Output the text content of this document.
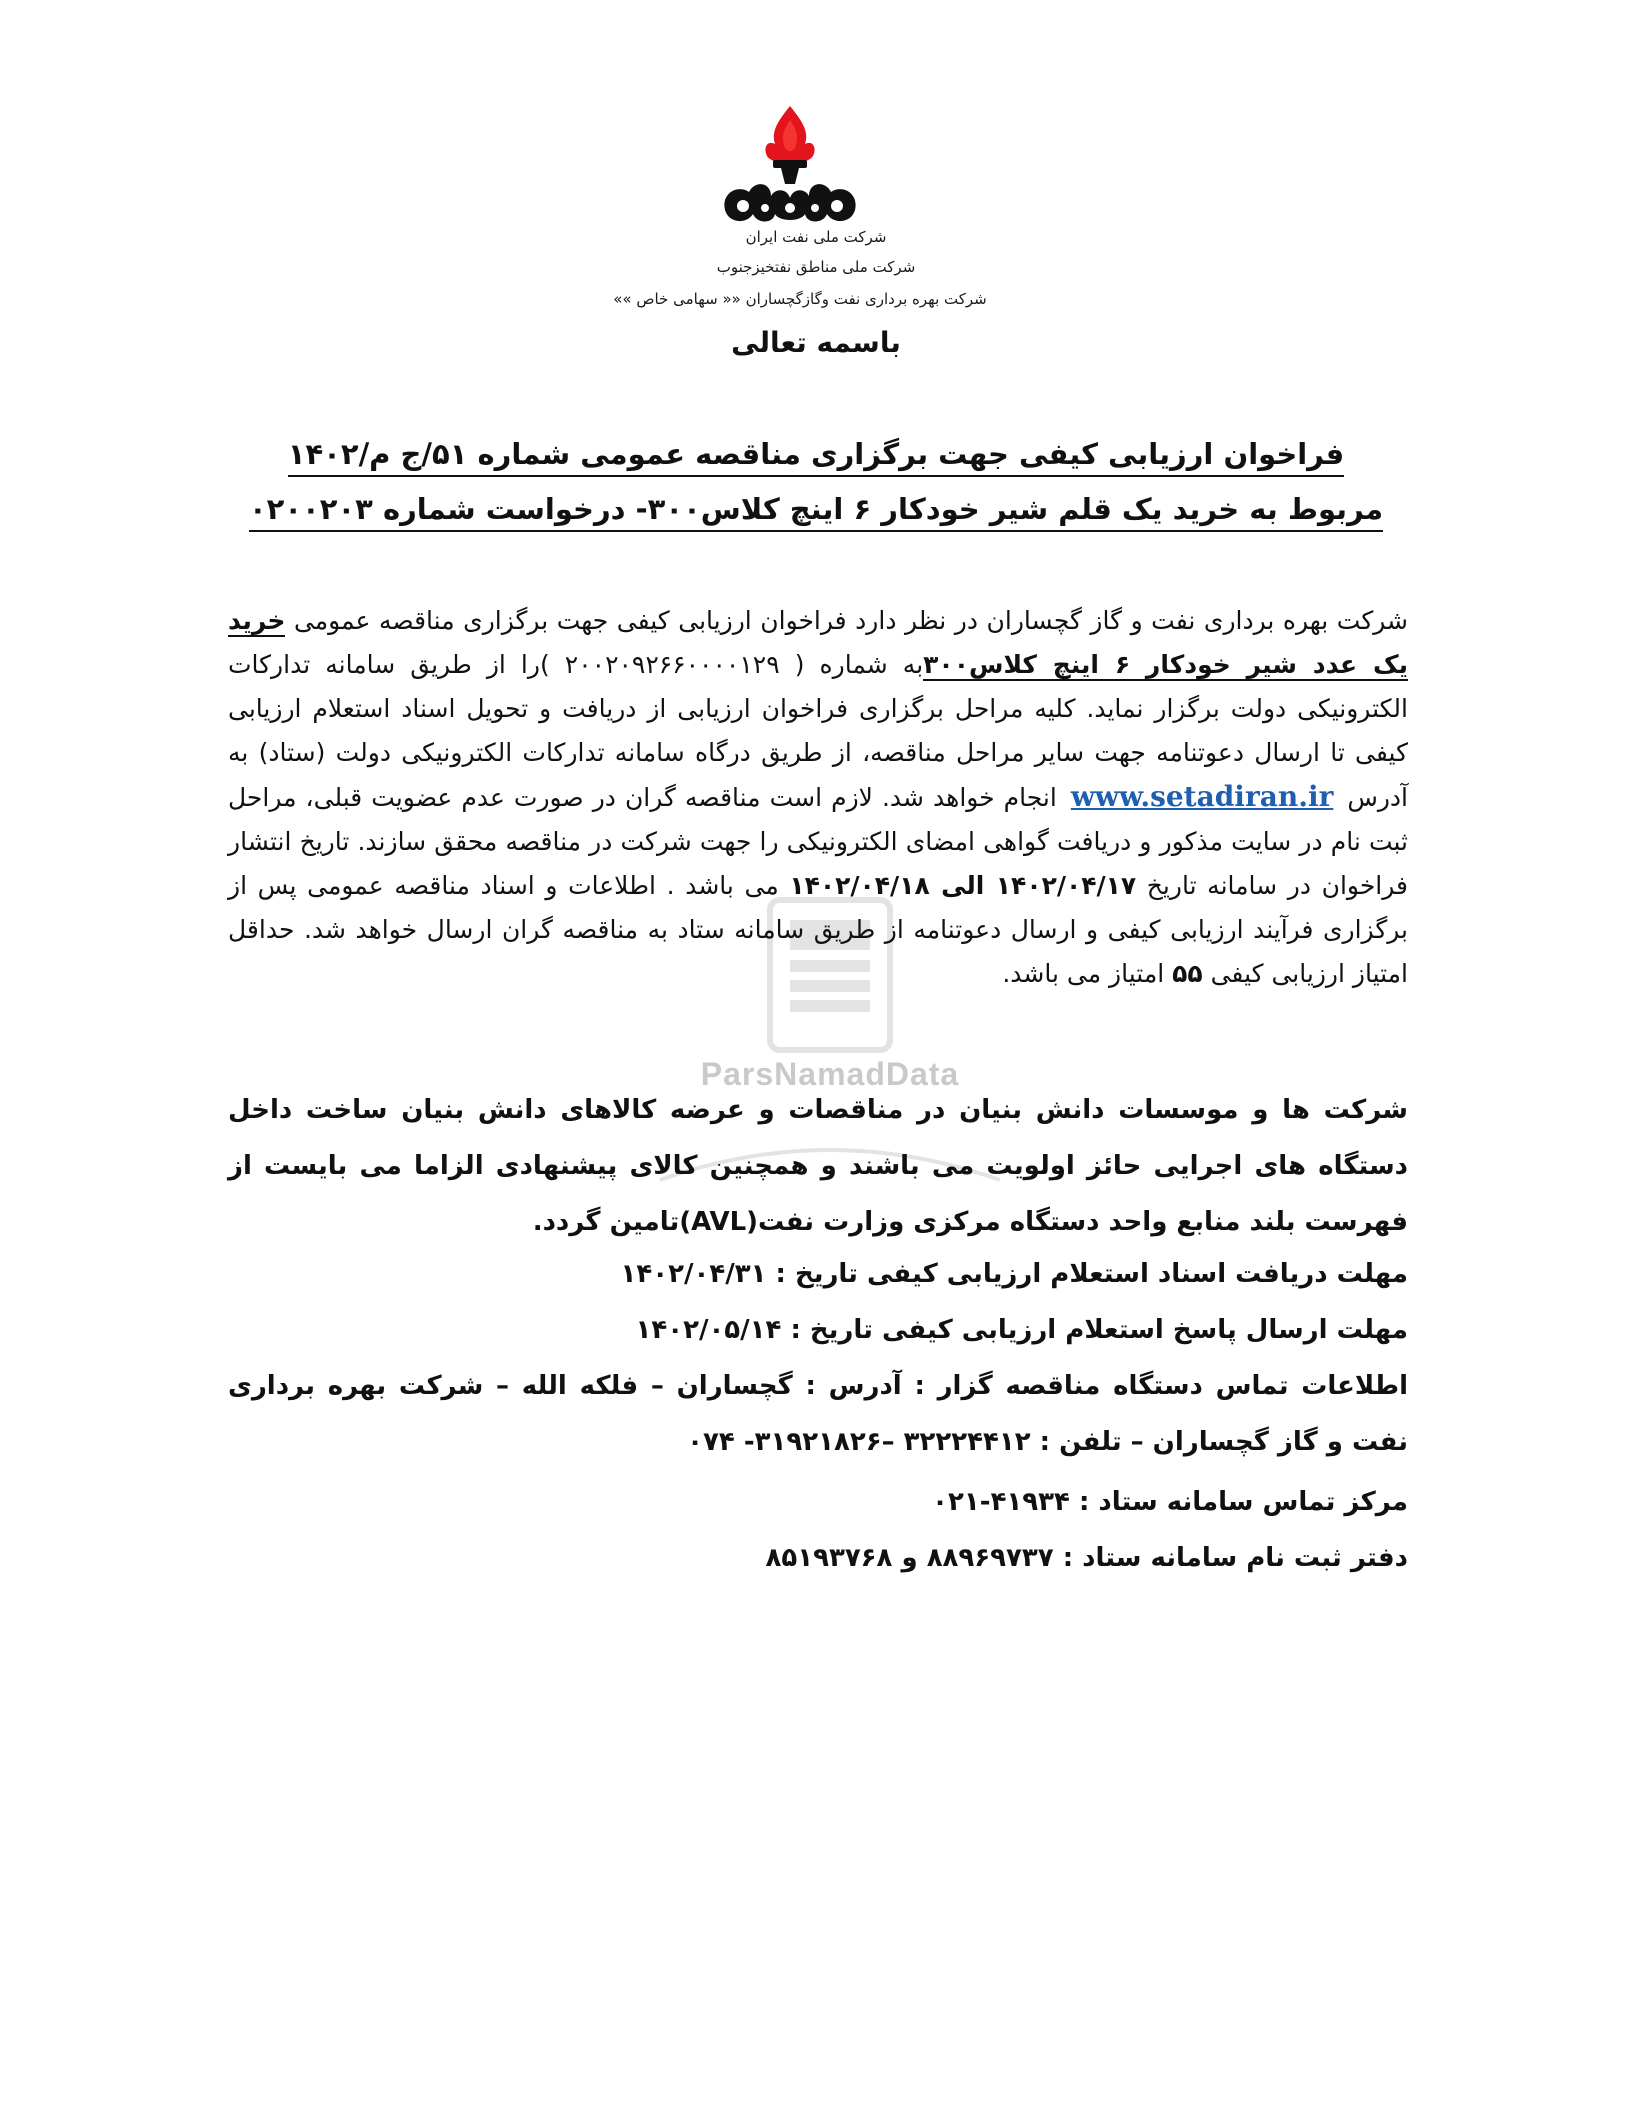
شرکت ملی نفت ایران
شرکت ملی مناطق نفتخیزجنوب
شرکت بهره برداری نفت وگازگچساران «« سهامی خاص »»
باسمه تعالی
فراخوان ارزیابی کیفی جهت برگزاری مناقصه عمومی شماره ۵۱/ج م/۱۴۰۲
مربوط به خرید یک قلم شیر خودکار ۶ اینچ کلاس۳۰۰- درخواست شماره ۰۲۰۰۲۰۳
ParsNamadData
شرکت بهره برداری نفت و گاز گچساران در نظر دارد فراخوان ارزیابی کیفی جهت برگزاری مناقصه عمومی خرید یک عدد شیر خودکار ۶ اینچ کلاس۳۰۰به شماره ( ۲۰۰۲۰۹۲۶۶۰۰۰۰۱۲۹ )را از طریق سامانه تدارکات الکترونیکی دولت برگزار نماید. کلیه مراحل برگزاری فراخوان ارزیابی از دریافت و تحویل اسناد استعلام ارزیابی کیفی تا ارسال دعوتنامه جهت سایر مراحل مناقصه، از طریق درگاه سامانه تدارکات الکترونیکی دولت (ستاد) به آدرسwww.setadiran.irانجام خواهد شد. لازم است مناقصه گران در صورت عدم عضویت قبلی، مراحل ثبت نام در سایت مذکور و دریافت گواهی امضای الکترونیکی را جهت شرکت در مناقصه محقق سازند. تاریخ انتشار فراخوان در سامانه تاریخ ۱۴۰۲/۰۴/۱۷ الی ۱۴۰۲/۰۴/۱۸ می باشد . اطلاعات و اسناد مناقصه عمومی پس از برگزاری فرآیند ارزیابی کیفی و ارسال دعوتنامه از طریق سامانه ستاد به مناقصه گران ارسال خواهد شد. حداقل امتیاز ارزیابی کیفی ۵۵ امتیاز می باشد.
شرکت ها و موسسات دانش بنیان در مناقصات و عرضه کالاهای دانش بنیان ساخت داخل دستگاه های اجرایی حائز اولویت می باشند و همچنین کالای پیشنهادی الزاما می بایست از فهرست بلند منابع واحد دستگاه مرکزی وزارت نفت(AVL)تامین گردد.
مهلت دریافت اسناد استعلام ارزیابی کیفی تاریخ : ۱۴۰۲/۰۴/۳۱
مهلت ارسال پاسخ استعلام ارزیابی کیفی تاریخ : ۱۴۰۲/۰۵/۱۴
اطلاعات تماس دستگاه مناقصه گزار : آدرس : گچساران – فلکه الله – شرکت بهره برداری نفت و گاز گچساران – تلفن : ۳۲۲۲۴۴۱۲ –۳۱۹۲۱۸۲۶- ۰۷۴
مرکز تماس سامانه ستاد : ۴۱۹۳۴-۰۲۱
دفتر ثبت نام سامانه ستاد : ۸۸۹۶۹۷۳۷ و ۸۵۱۹۳۷۶۸
